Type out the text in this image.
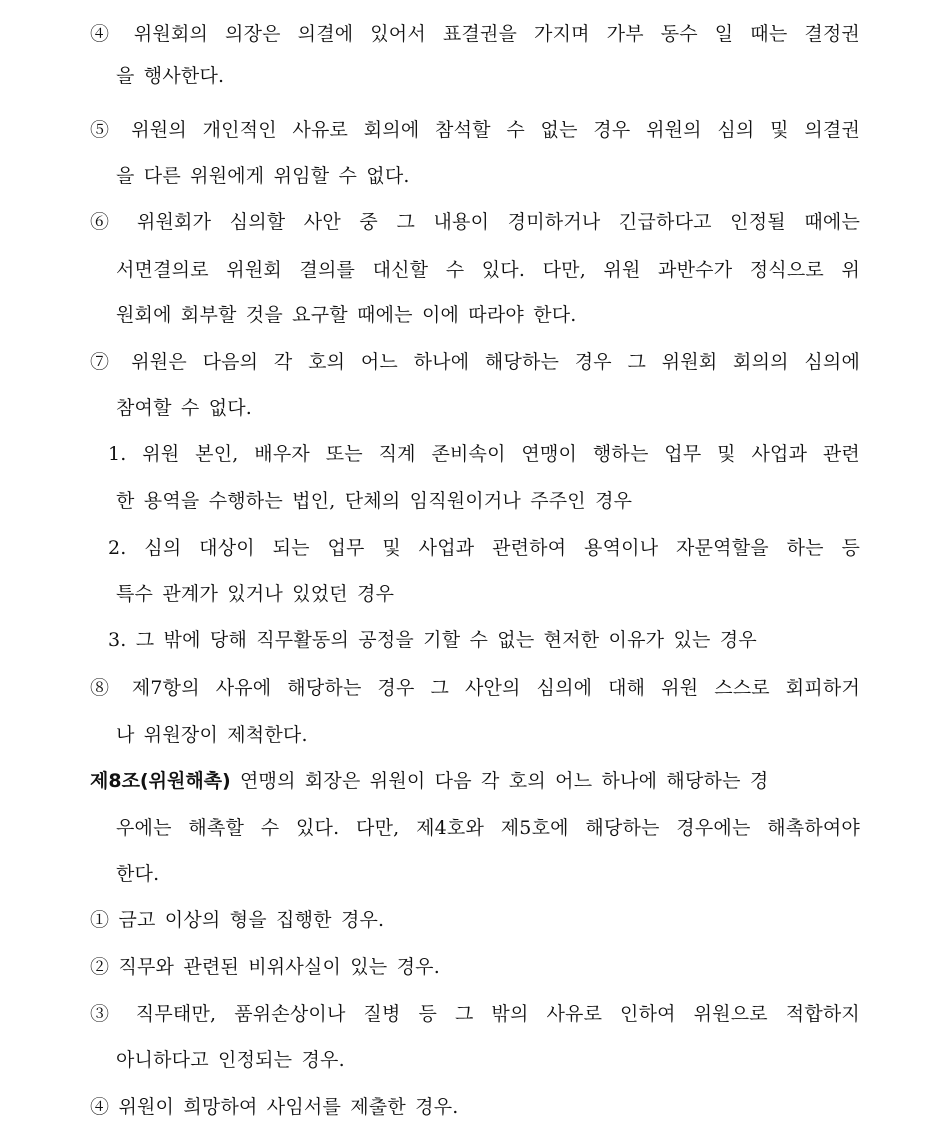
④ 위원회의 의장은 의결에 있어서 표결권을 가지며 가부 동수 일 때는 결정권
을 행사한다.
⑤ 위원의 개인적인 사유로 회의에 참석할 수 없는 경우 위원의 심의 및 의결권
을 다른 위원에게 위임할 수 없다.
⑥ 위원회가 심의할 사안 중 그 내용이 경미하거나 긴급하다고 인정될 때에는
서면결의로 위원회 결의를 대신할 수 있다. 다만, 위원 과반수가 정식으로 위
원회에 회부할 것을 요구할 때에는 이에 따라야 한다.
⑦ 위원은 다음의 각 호의 어느 하나에 해당하는 경우 그 위원회 회의의 심의에
참여할 수 없다.
1. 위원 본인, 배우자 또는 직계 존비속이 연맹이 행하는 업무 및 사업과 관련
한 용역을 수행하는 법인, 단체의 임직원이거나 주주인 경우
2. 심의 대상이 되는 업무 및 사업과 관련하여 용역이나 자문역할을 하는 등
특수 관계가 있거나 있었던 경우
3. 그 밖에 당해 직무활동의 공정을 기할 수 없는 현저한 이유가 있는 경우
⑧ 제7항의 사유에 해당하는 경우 그 사안의 심의에 대해 위원 스스로 회피하거
나 위원장이 제척한다.
제8조(위원해촉) 연맹의 회장은 위원이 다음 각 호의 어느 하나에 해당하는 경
우에는 해촉할 수 있다. 다만, 제4호와 제5호에 해당하는 경우에는 해촉하여야
한다.
① 금고 이상의 형을 집행한 경우.
② 직무와 관련된 비위사실이 있는 경우.
③ 직무태만, 품위손상이나 질병 등 그 밖의 사유로 인하여 위원으로 적합하지
아니하다고 인정되는 경우.
④ 위원이 희망하여 사임서를 제출한 경우.
